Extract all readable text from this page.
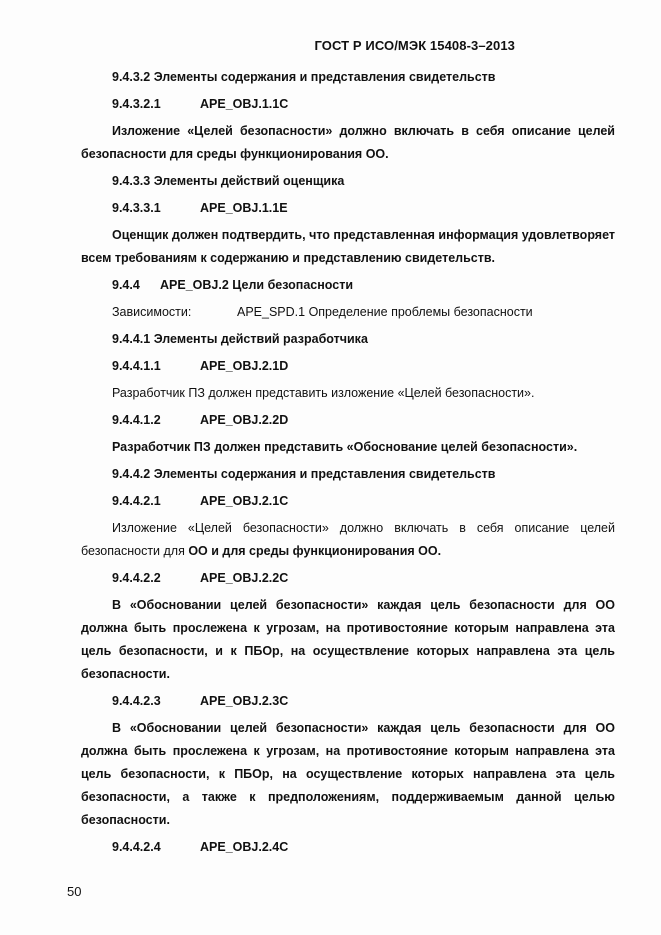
ГОСТ Р ИСО/МЭК 15408-3–2013

9.4.3.2 Элементы содержания и представления свидетельств

9.4.3.2.1	APE_OBJ.1.1C

Изложение «Целей безопасности» должно включать в себя описание целей безопасности для среды функционирования ОО.

9.4.3.3 Элементы действий оценщика

9.4.3.3.1	APE_OBJ.1.1E

Оценщик должен подтвердить, что представленная информация удовлетворяет всем требованиям к содержанию и представлению свидетельств.

9.4.4 APE_OBJ.2 Цели безопасности

Зависимости:	APE_SPD.1 Определение проблемы безопасности

9.4.4.1 Элементы действий разработчика

9.4.4.1.1	APE_OBJ.2.1D

Разработчик ПЗ должен представить изложение «Целей безопасности».

9.4.4.1.2	APE_OBJ.2.2D

Разработчик ПЗ должен представить «Обоснование целей безопасности».

9.4.4.2 Элементы содержания и представления свидетельств

9.4.4.2.1	APE_OBJ.2.1C

Изложение «Целей безопасности» должно включать в себя описание целей безопасности для ОО и для среды функционирования ОО.

9.4.4.2.2	APE_OBJ.2.2C

В «Обосновании целей безопасности» каждая цель безопасности для ОО должна быть прослежена к угрозам, на противостояние которым направлена эта цель безопасности, и к ПБОр, на осуществление которых направлена эта цель безопасности.

9.4.4.2.3	APE_OBJ.2.3C

В «Обосновании целей безопасности» каждая цель безопасности для ОО должна быть прослежена к угрозам, на противостояние которым направлена эта цель безопасности, к ПБОр, на осуществление которых направлена эта цель безопасности, а также к предположениям, поддерживаемым данной целью безопасности.

9.4.4.2.4	APE_OBJ.2.4C

50
